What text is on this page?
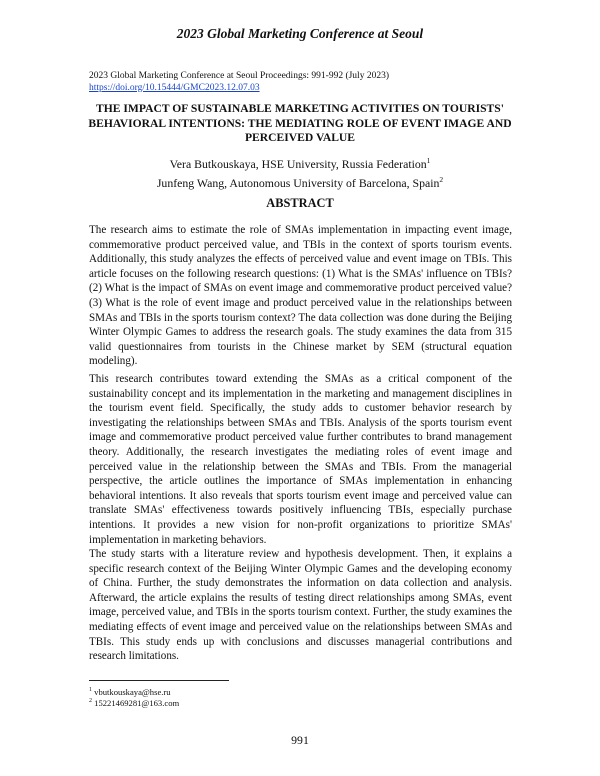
2023 Global Marketing Conference at Seoul
2023 Global Marketing Conference at Seoul Proceedings: 991-992 (July 2023)
https://doi.org/10.15444/GMC2023.12.07.03
THE IMPACT OF SUSTAINABLE MARKETING ACTIVITIES ON TOURISTS' BEHAVIORAL INTENTIONS: THE MEDIATING ROLE OF EVENT IMAGE AND PERCEIVED VALUE
Vera Butkouskaya, HSE University, Russia Federation$^1$
Junfeng Wang, Autonomous University of Barcelona, Spain$^2$
ABSTRACT

The research aims to estimate the role of SMAs implementation in impacting event image, commemorative product perceived value, and TBIs in the context of sports tourism events. Additionally, this study analyzes the effects of perceived value and event image on TBIs. This article focuses on the following research questions: (1) What is the SMAs' influence on TBIs? (2) What is the impact of SMAs on event image and commemorative product perceived value? (3) What is the role of event image and product perceived value in the relationships between SMAs and TBIs in the sports tourism context? The data collection was done during the Beijing Winter Olympic Games to address the research goals. The study examines the data from 315 valid questionnaires from tourists in the Chinese market by SEM (structural equation modeling).

This research contributes toward extending the SMAs as a critical component of the sustainability concept and its implementation in the marketing and management disciplines in the tourism event field. Specifically, the study adds to customer behavior research by investigating the relationships between SMAs and TBIs. Analysis of the sports tourism event image and commemorative product perceived value further contributes to brand management theory. Additionally, the research investigates the mediating roles of event image and perceived value in the relationship between the SMAs and TBIs. From the managerial perspective, the article outlines the importance of SMAs implementation in enhancing behavioral intentions. It also reveals that sports tourism event image and perceived value can translate SMAs' effectiveness towards positively influencing TBIs, especially purchase intentions. It provides a new vision for non-profit organizations to prioritize SMAs' implementation in marketing behaviors.

The study starts with a literature review and hypothesis development. Then, it explains a specific research context of the Beijing Winter Olympic Games and the developing economy of China. Further, the study demonstrates the information on data collection and analysis. Afterward, the article explains the results of testing direct relationships among SMAs, event image, perceived value, and TBIs in the sports tourism context. Further, the study examines the mediating effects of event image and perceived value on the relationships between SMAs and TBIs. This study ends up with conclusions and discusses managerial contributions and research limitations.

$^1$ vbutkouskaya@hse.ru
$^2$ 15221469281@163.com
991
